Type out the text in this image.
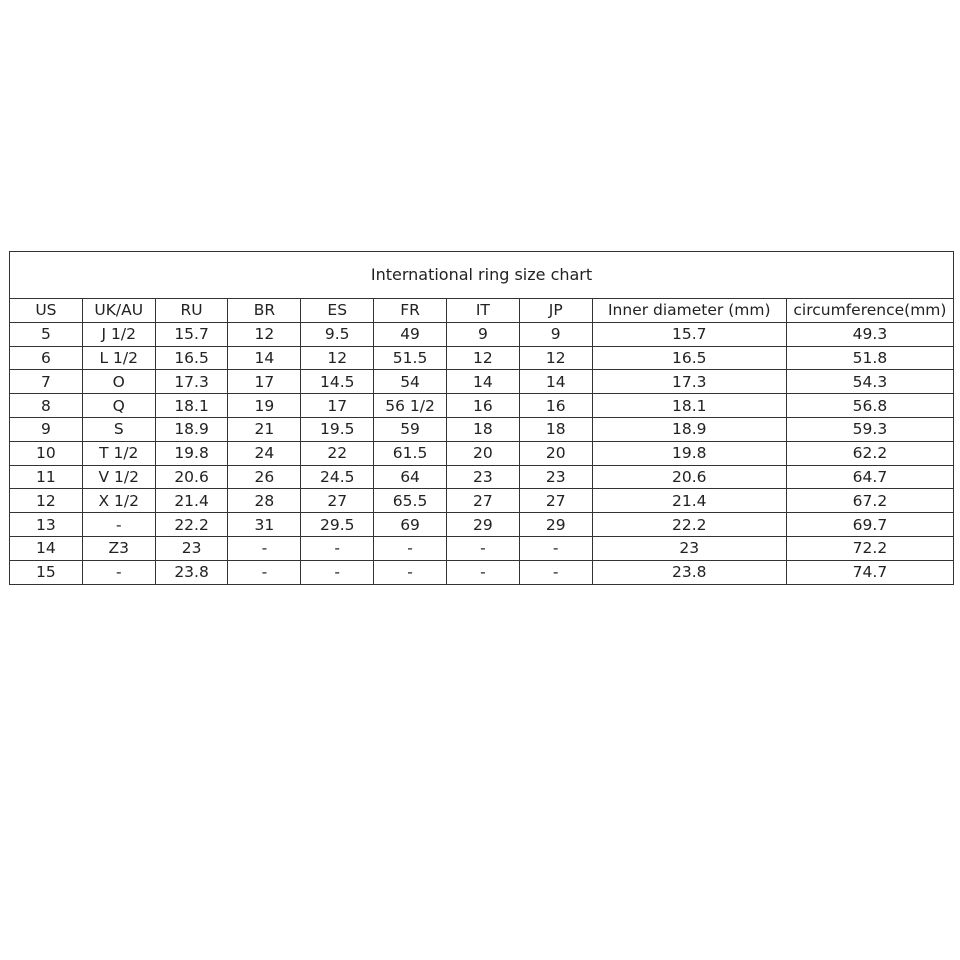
International ring size chart									
US	UK/AU	RU	BR	ES	FR	IT	JP	Inner diameter (mm)	circumference(mm)
5	J 1/2	15.7	12	9.5	49	9	9	15.7	49.3
6	L 1/2	16.5	14	12	51.5	12	12	16.5	51.8
7	O	17.3	17	14.5	54	14	14	17.3	54.3
8	Q	18.1	19	17	56 1/2	16	16	18.1	56.8
9	S	18.9	21	19.5	59	18	18	18.9	59.3
10	T 1/2	19.8	24	22	61.5	20	20	19.8	62.2
11	V 1/2	20.6	26	24.5	64	23	23	20.6	64.7
12	X 1/2	21.4	28	27	65.5	27	27	21.4	67.2
13	-	22.2	31	29.5	69	29	29	22.2	69.7
14	Z3	23	-	-	-	-	-	23	72.2
15	-	23.8	-	-	-	-	-	23.8	74.7
